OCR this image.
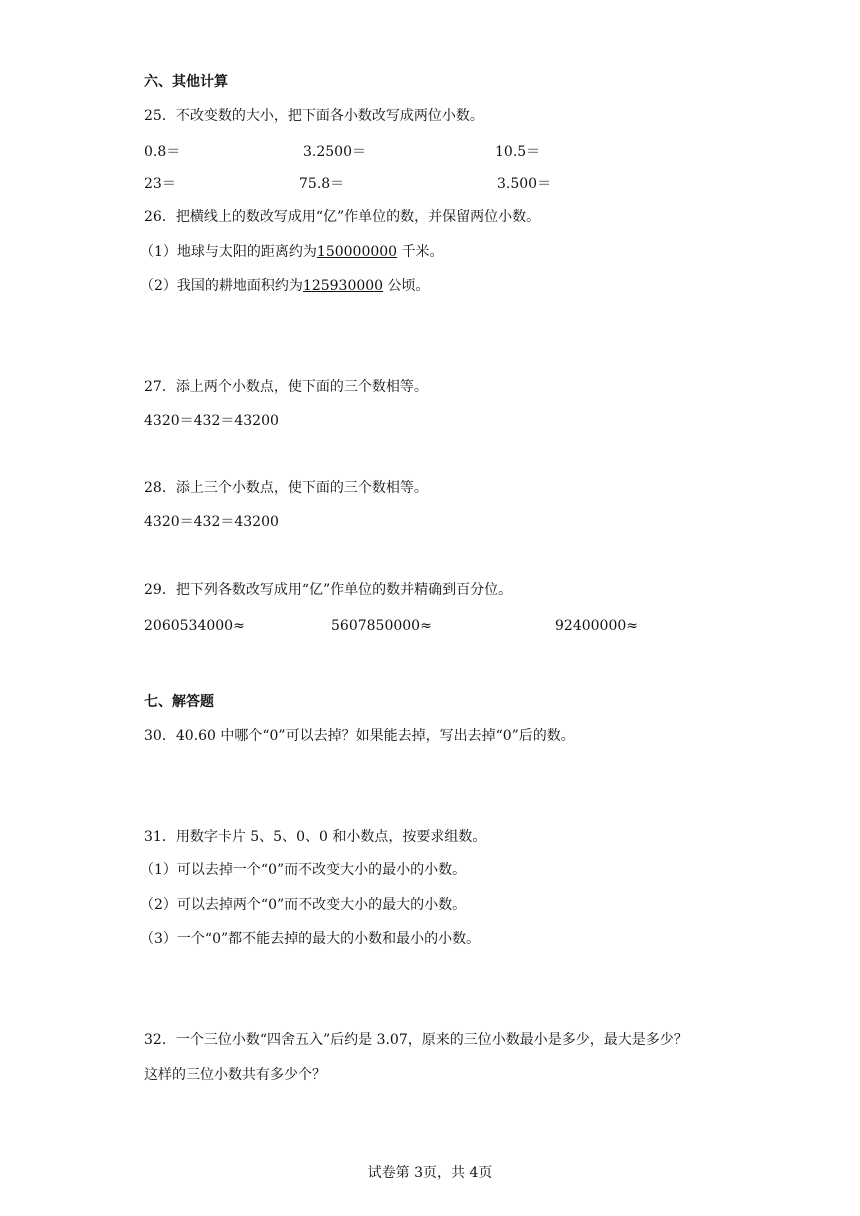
六、其他计算
25．不改变数的大小，把下面各小数改写成两位小数。
0.8＝	3.2500＝	10.5＝
23＝	75.8＝	3.500＝
26．把横线上的数改写成用“亿”作单位的数，并保留两位小数。
（1）地球与太阳的距离约为150000000 千米。
（2）我国的耕地面积约为125930000 公顷。
27．添上两个小数点，使下面的三个数相等。
4320＝432＝43200
28．添上三个小数点，使下面的三个数相等。
4320＝432＝43200
29．把下列各数改写成用“亿”作单位的数并精确到百分位。
2060534000≈	5607850000≈	92400000≈
七、解答题
30．40.60 中哪个“0”可以去掉？如果能去掉，写出去掉“0”后的数。
31．用数字卡片 5、5、0、0 和小数点，按要求组数。
（1）可以去掉一个“0”而不改变大小的最小的小数。
（2）可以去掉两个“0”而不改变大小的最大的小数。
（3）一个“0”都不能去掉的最大的小数和最小的小数。
32．一个三位小数“四舍五入”后约是 3.07，原来的三位小数最小是多少，最大是多少？
这样的三位小数共有多少个？
试卷第 3页，共 4页
